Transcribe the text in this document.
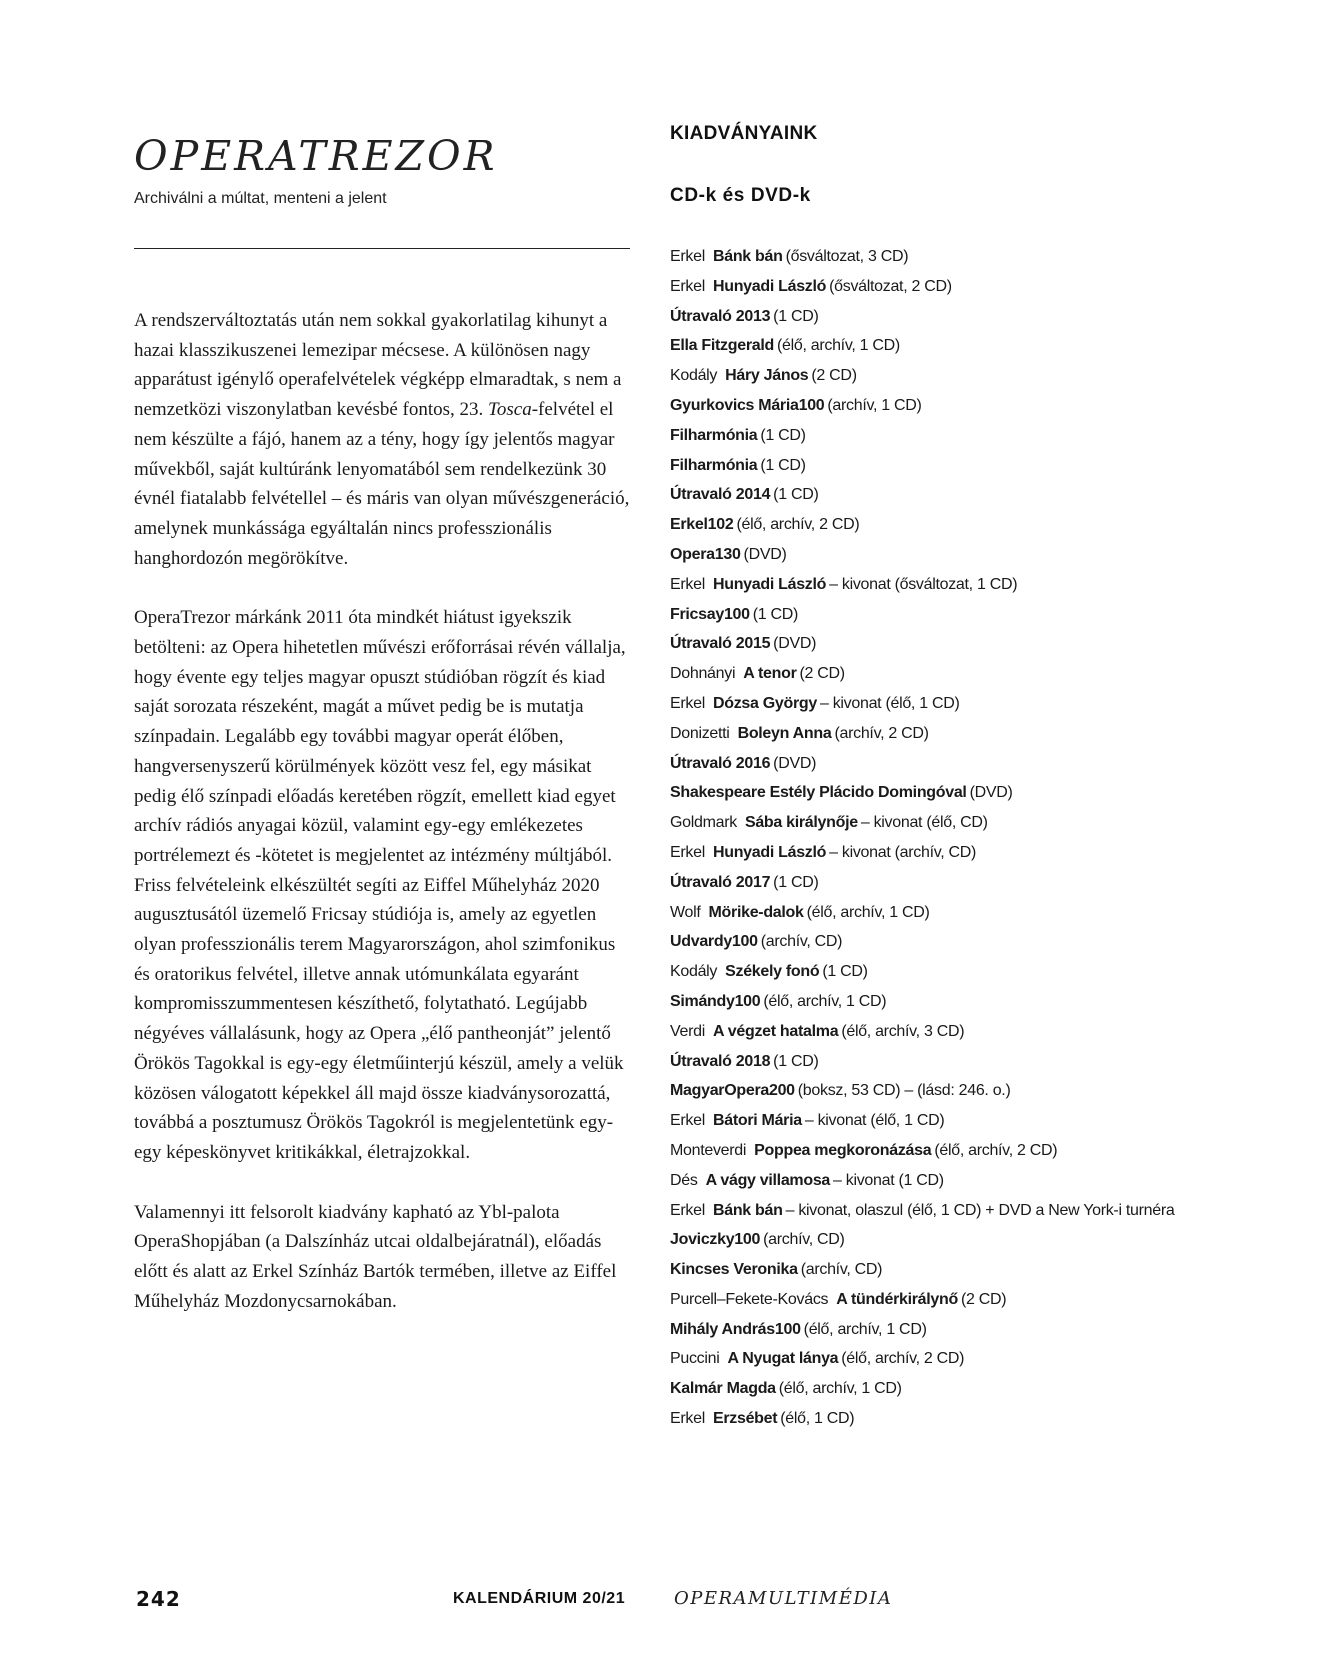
OPERATREZOR
Archiválni a múltat, menteni a jelent

A rendszerváltoztatás után nem sokkal gyakorlatilag kihunyt a hazai klasszikuszenei lemezipar mécsese. A különösen nagy apparátust igénylő operafelvételek végképp elmaradtak, s nem a nemzetközi viszonylatban kevésbé fontos, 23. Tosca-felvétel el nem készülte a fájó, hanem az a tény, hogy így jelentős magyar művekből, saját kultúránk lenyomatából sem rendelkezünk 30 évnél fiatalabb felvétellel – és máris van olyan művészgeneráció, amelynek munkássága egyáltalán nincs professzionális hanghordozón megörökítve.

OperaTrezor márkánk 2011 óta mindkét hiátust igyekszik betölteni: az Opera hihetetlen művészi erőforrásai révén vállalja, hogy évente egy teljes magyar opuszt stúdióban rögzít és kiad saját sorozata részeként, magát a művet pedig be is mutatja színpadain. Legalább egy további magyar operát élőben, hangversenyszerű körülmények között vesz fel, egy másikat pedig élő színpadi előadás keretében rögzít, emellett kiad egyet archív rádiós anyagai közül, valamint egy-egy emlékezetes portrélemezt és -kötetet is megjelentet az intézmény múltjából. Friss felvételeink elkészültét segíti az Eiffel Műhelyház 2020 augusztusától üzemelő Fricsay stúdiója is, amely az egyetlen olyan professzionális terem Magyarországon, ahol szimfonikus és oratorikus felvétel, illetve annak utómunkálata egyaránt kompromisszummentesen készíthető, folytatható. Legújabb négyéves vállalásunk, hogy az Opera „élő pantheonját” jelentő Örökös Tagokkal is egy-egy életműinterjú készül, amely a velük közösen válogatott képekkel áll majd össze kiadványsorozattá, továbbá a posztumusz Örökös Tagokról is megjelentetünk egy-egy képeskönyvet kritikákkal, életrajzokkal.

Valamennyi itt felsorolt kiadvány kapható az Ybl-palota OperaShopjában (a Dalszínház utcai oldalbejáratnál), előadás előtt és alatt az Erkel Színház Bartók termében, illetve az Eiffel Műhelyház Mozdonycsarnokában.

KIADVÁNYAINK
CD-k és DVD-k
Erkel Bánk bán (ősváltozat, 3 CD)
Erkel Hunyadi László (ősváltozat, 2 CD)
Útravaló 2013 (1 CD)
Ella Fitzgerald (élő, archív, 1 CD)
Kodály Háry János (2 CD)
Gyurkovics Mária100 (archív, 1 CD)
Filharmónia (1 CD)
Filharmónia (1 CD)
Útravaló 2014 (1 CD)
Erkel102 (élő, archív, 2 CD)
Opera130 (DVD)
Erkel Hunyadi László – kivonat (ősváltozat, 1 CD)
Fricsay100 (1 CD)
Útravaló 2015 (DVD)
Dohnányi A tenor (2 CD)
Erkel Dózsa György – kivonat (élő, 1 CD)
Donizetti Boleyn Anna (archív, 2 CD)
Útravaló 2016 (DVD)
Shakespeare Estély Plácido Domingóval (DVD)
Goldmark Sába királynője – kivonat (élő, CD)
Erkel Hunyadi László – kivonat (archív, CD)
Útravaló 2017 (1 CD)
Wolf Mörike-dalok (élő, archív, 1 CD)
Udvardy100 (archív, CD)
Kodály Székely fonó (1 CD)
Simándy100 (élő, archív, 1 CD)
Verdi A végzet hatalma (élő, archív, 3 CD)
Útravaló 2018 (1 CD)
MagyarOpera200 (boksz, 53 CD) – (lásd: 246. o.)
Erkel Bátori Mária – kivonat (élő, 1 CD)
Monteverdi Poppea megkoronázása (élő, archív, 2 CD)
Dés A vágy villamosa – kivonat (1 CD)
Erkel Bánk bán – kivonat, olaszul (élő, 1 CD) + DVD a New York-i turnéra
Joviczky100 (archív, CD)
Kincses Veronika (archív, CD)
Purcell–Fekete-Kovács A tündérkirálynő (2 CD)
Mihály András100 (élő, archív, 1 CD)
Puccini A Nyugat lánya (élő, archív, 2 CD)
Kalmár Magda (élő, archív, 1 CD)
Erkel Erzsébet (élő, 1 CD)
242	KALENDÁRIUM 20/21	OPERAMULTIMÉDIA
